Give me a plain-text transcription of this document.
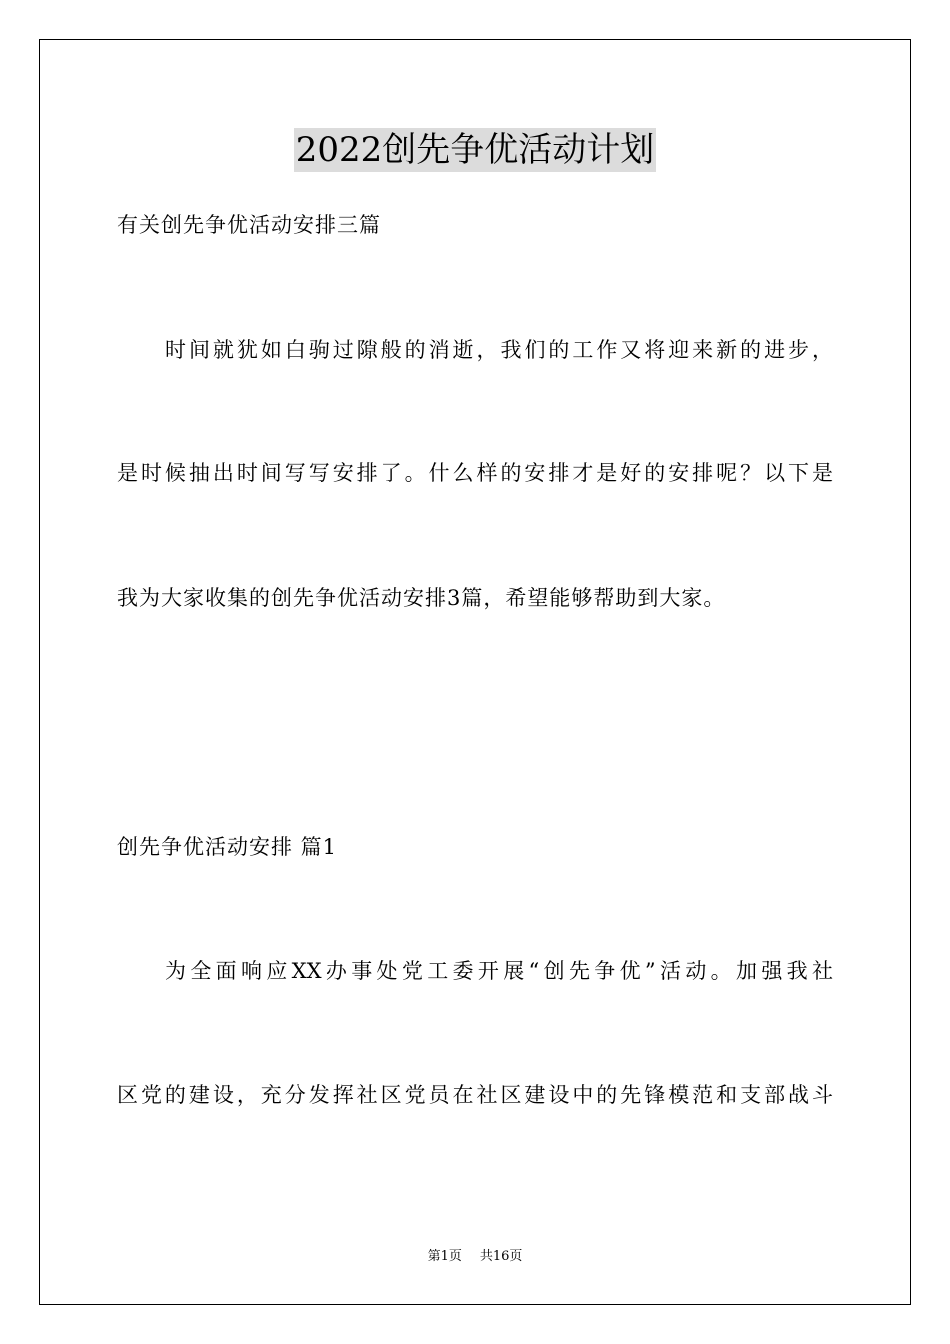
2022创先争优活动计划
有关创先争优活动安排三篇
时间就犹如白驹过隙般的消逝，我们的工作又将迎来新的进步，
是时候抽出时间写写安排了。什么样的安排才是好的安排呢？以下是
我为大家收集的创先争优活动安排3篇，希望能够帮助到大家。
创先争优活动安排 篇1
为全面响应XX办事处党工委开展“创先争优”活动。加强我社
区党的建设，充分发挥社区党员在社区建设中的先锋模范和支部战斗
第1页 共16页
